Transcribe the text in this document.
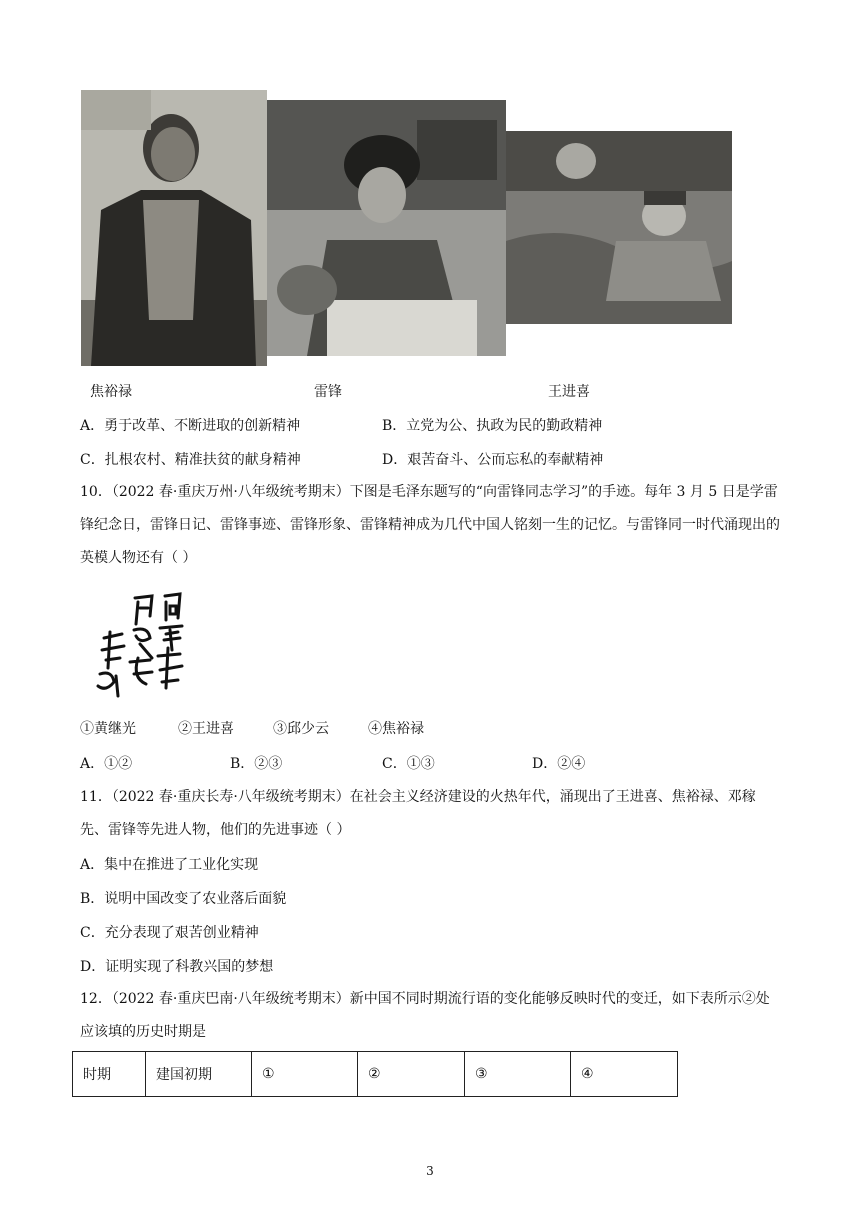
焦裕禄	雷锋	王进喜
A．勇于改革、不断进取的创新精神	B．立党为公、执政为民的勤政精神
C．扎根农村、精准扶贫的献身精神	D．艰苦奋斗、公而忘私的奉献精神
10．（2022 春·重庆万州·八年级统考期末）下图是毛泽东题写的“向雷锋同志学习”的手迹。每年 3 月 5 日是学雷锋纪念日，雷锋日记、雷锋事迹、雷锋形象、雷锋精神成为几代中国人铭刻一生的记忆。与雷锋同一时代涌现出的英模人物还有（ ）
①黄继光	②王进喜	③邱少云	④焦裕禄
A．①②	B．②③	C．①③	D．②④
11．（2022 春·重庆长寿·八年级统考期末）在社会主义经济建设的火热年代，涌现出了王进喜、焦裕禄、邓稼先、雷锋等先进人物，他们的先进事迹（ ）
A．集中在推进了工业化实现
B．说明中国改变了农业落后面貌
C．充分表现了艰苦创业精神
D．证明实现了科教兴国的梦想
12．（2022 春·重庆巴南·八年级统考期末）新中国不同时期流行语的变化能够反映时代的变迁，如下表所示②处应该填的历史时期是
时期	建国初期	①	②	③	④
3
